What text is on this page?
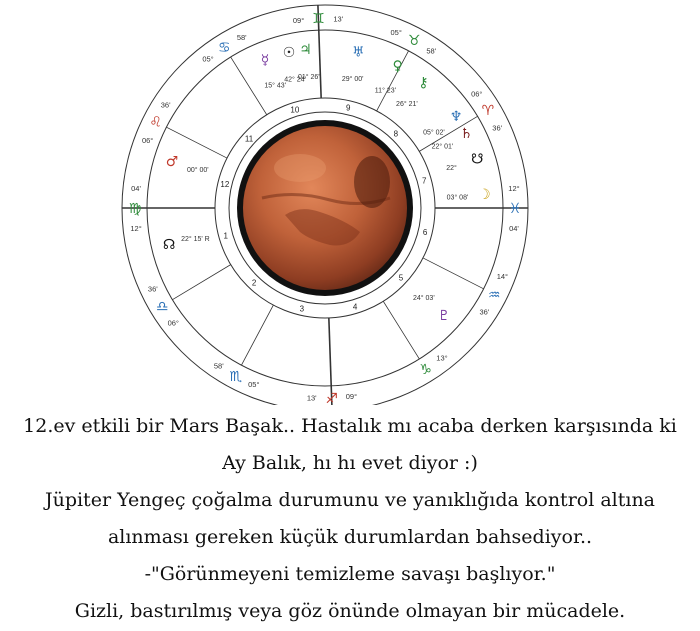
1
2
3	4
5
6
7
8
9
10
11
12
♊
09°	13'
♋
05°
58'
♌
06°
36'
♍
12°
04'
♎
06°
36'
♏ 05°
58'
♐ 09°
13'
♑
13°
♒
14°
36'
♓
12°
04'
♈
06°
36'
♉
05°
58'
♂
00° 00'
☊ 22° 15' R
☽
03° 08'
☋
22°
♃
01° 26'
☉
42° 24'
☿
15° 43'
♅
29° 00'
♀
11° 23'
⚷
26° 21'
♆
05° 02' ♄
22° 01'
♇
24° 03'
12.ev etkili bir Mars Başak.. Hastalık mı acaba derken karşısında ki
Ay Balık, hı hı evet diyor :)
Jüpiter Yengeç çoğalma durumunu ve yanıklığıda kontrol altına
alınması gereken küçük durumlardan bahsediyor..
-"Görünmeyeni temizleme savaşı başlıyor."
Gizli, bastırılmış veya göz önünde olmayan bir mücadele.
